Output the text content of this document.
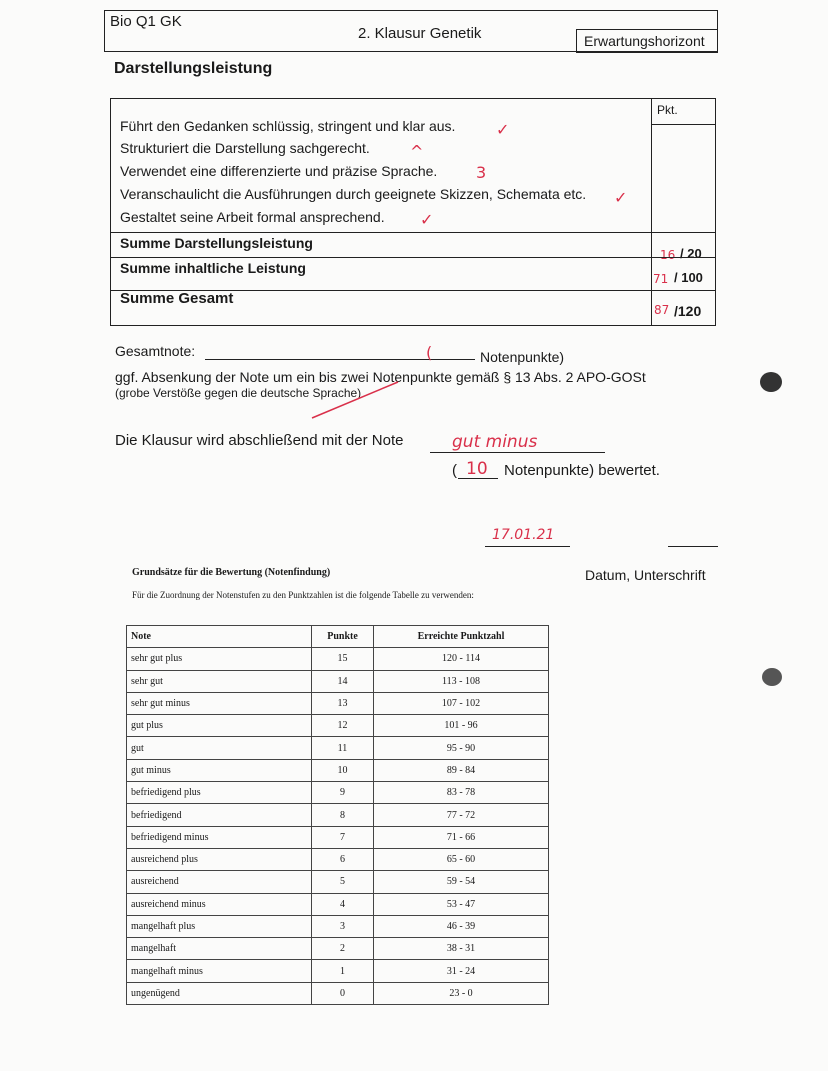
Bio Q1 GK
2. Klausur Genetik	Erwartungshorizont
Darstellungsleistung
Pkt.
Führt den Gedanken schlüssig, stringent und klar aus.	✓
Strukturiert die Darstellung sachgerecht.	^
Verwendet eine differenzierte und präzise Sprache. 3
Veranschaulicht die Ausführungen durch geeignete Skizzen, Schemata etc. ✓
Gestaltet seine Arbeit formal ansprechend. ✓
Summe Darstellungsleistung
16 / 20
Summe inhaltliche Leistung
71 / 100
Summe Gesamt
87 /120
Gesamtnote:	(	Notenpunkte)
ggf. Absenkung der Note um ein bis zwei Notenpunkte gemäß § 13 Abs. 2 APO-GOSt
(grobe Verstöße gegen die deutsche Sprache)
Die Klausur wird abschließend mit der Note	gut minus
( 10 Notenpunkte) bewertet.
17.01.21
Datum, Unterschrift
Grundsätze für die Bewertung (Notenfindung)
Für die Zuordnung der Notenstufen zu den Punktzahlen ist die folgende Tabelle zu verwenden:
Note	Punkte	Erreichte Punktzahl
sehr gut plus	15	120 - 114
sehr gut	14	113 - 108
sehr gut minus	13	107 - 102
gut plus	12	101 - 96
gut	11	95 - 90
gut minus	10	89 - 84
befriedigend plus	9	83 - 78
befriedigend	8	77 - 72
befriedigend minus	7	71 - 66
ausreichend plus	6	65 - 60
ausreichend	5	59 - 54
ausreichend minus	4	53 - 47
mangelhaft plus	3	46 - 39
mangelhaft	2	38 - 31
mangelhaft minus	1	31 - 24
ungenügend	0	23 - 0
